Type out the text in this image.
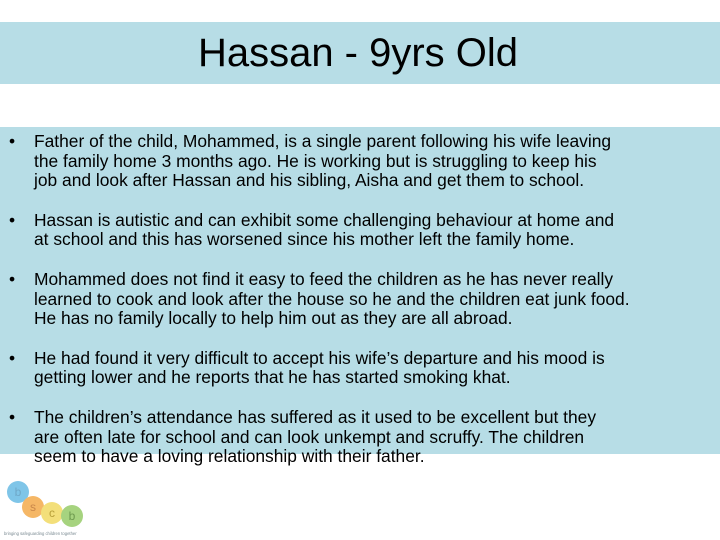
Hassan - 9yrs Old
• Father of the child, Mohammed, is a single parent following his wife leaving
the family home 3 months ago. He is working but is struggling to keep his
job and look after Hassan and his sibling, Aisha and get them to school.
• Hassan is autistic and can exhibit some challenging behaviour at home and
at school and this has worsened since his mother left the family home.
• Mohammed does not find it easy to feed the children as he has never really
learned to cook and look after the house so he and the children eat junk food.
He has no family locally to help him out as they are all abroad.
• He had found it very difficult to accept his wife’s departure and his mood is
getting lower and he reports that he has started smoking khat.
• The children’s attendance has suffered as it used to be excellent but they
are often late for school and can look unkempt and scruffy. The children
seem to have a loving relationship with their father.
b
s c b
bringing safeguarding children together
